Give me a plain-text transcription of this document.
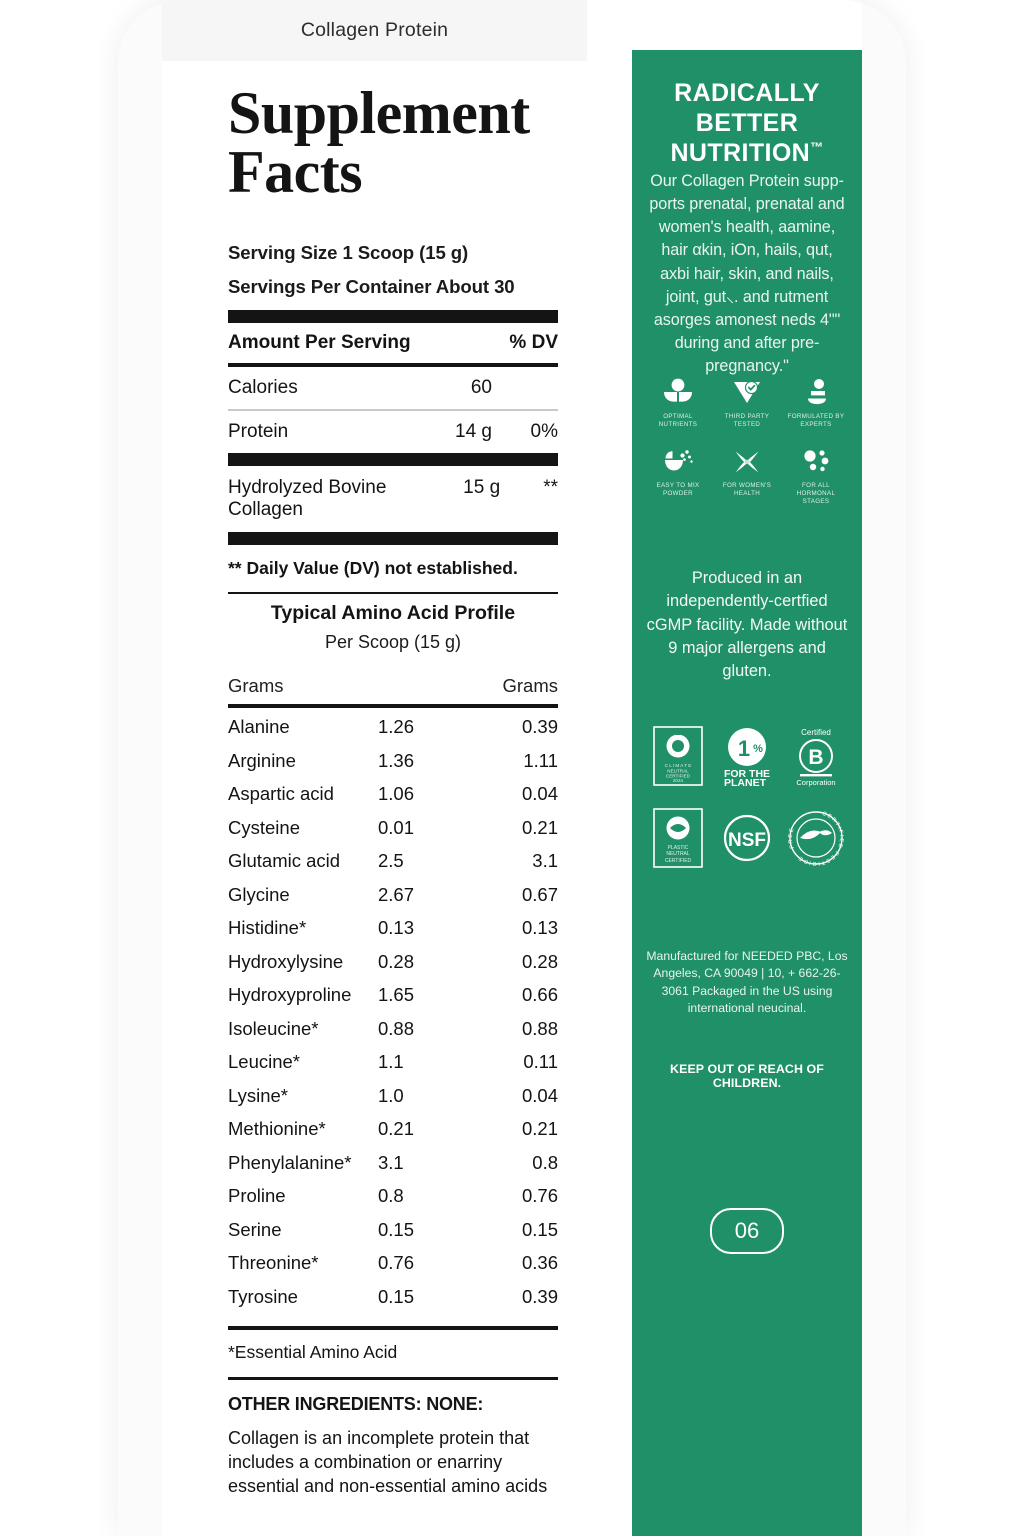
Collagen Protein
Supplement
Facts
Serving Size 1 Scoop (15 g)
Servings Per Container About 30
Amount Per Serving	% DV
Calories	60
Protein	14 g	0%
Hydrolyzed Bovine Collagen
15 g	**
** Daily Value (DV) not established.
Typical Amino Acid Profile
Per Scoop (15 g)
Grams	Grams
Alanine	1.26	0.39
Arginine	1.36	1.11
Aspartic acid	1.06	0.04
Cysteine	0.01	0.21
Glutamic acid	2.5	3.1
Glycine	2.67	0.67
Histidine*	0.13	0.13
Hydroxylysine	0.28	0.28
Hydroxyproline	1.65	0.66
Isoleucine*	0.88	0.88
Leucine*	1.1	0.11
Lysine*	1.0	0.04
Methionine*	0.21	0.21
Phenylalanine*	3.1	0.8
Proline	0.8	0.76
Serine	0.15	0.15
Threonine*	0.76	0.36
Tyrosine	0.15	0.39
*Essential Amino Acid
OTHER INGREDIENTS: NONE:
Collagen is an incomplete protein that includes a combination or enarriny essential and non-essential amino acids
RADICALLY
BETTER
NUTRITION™
Our Collagen Protein supp-ports prenatal, prenatal and women's health, aamine, hair αkin, iOn, hails, qut, axbi hair, skin, and nails, joint, gut⸜. and rutment asorges amonest neds 4"" during and after pre-pregnancy."
OPTIMAL NUTRIENTS
THIRD PARTY TESTED
FORMULATED BY EXPERTS
EASY TO MIX POWDER
FOR WOMEN'S HEALTH
FOR ALL HORMONAL STAGES
Produced in an independently-certfied cGMP facility. Made without 9 major allergens and gluten.
C L I M A T E
NEUTRAL
CERTIFIED
2024
1 %
FOR THE
PLANET
Certified
B
Corporation
PLASTIC
NEUTRAL
CERTIFIED
NSF	FREE
CERTIFIED PESTICIDE • FREE •
Manufactured for NEEDED PBC, Los Angeles, CA 90049 | 10, + 662-26-3061 Packaged in the US using international neucinal.
KEEP OUT OF REACH OF CHILDREN.
06
